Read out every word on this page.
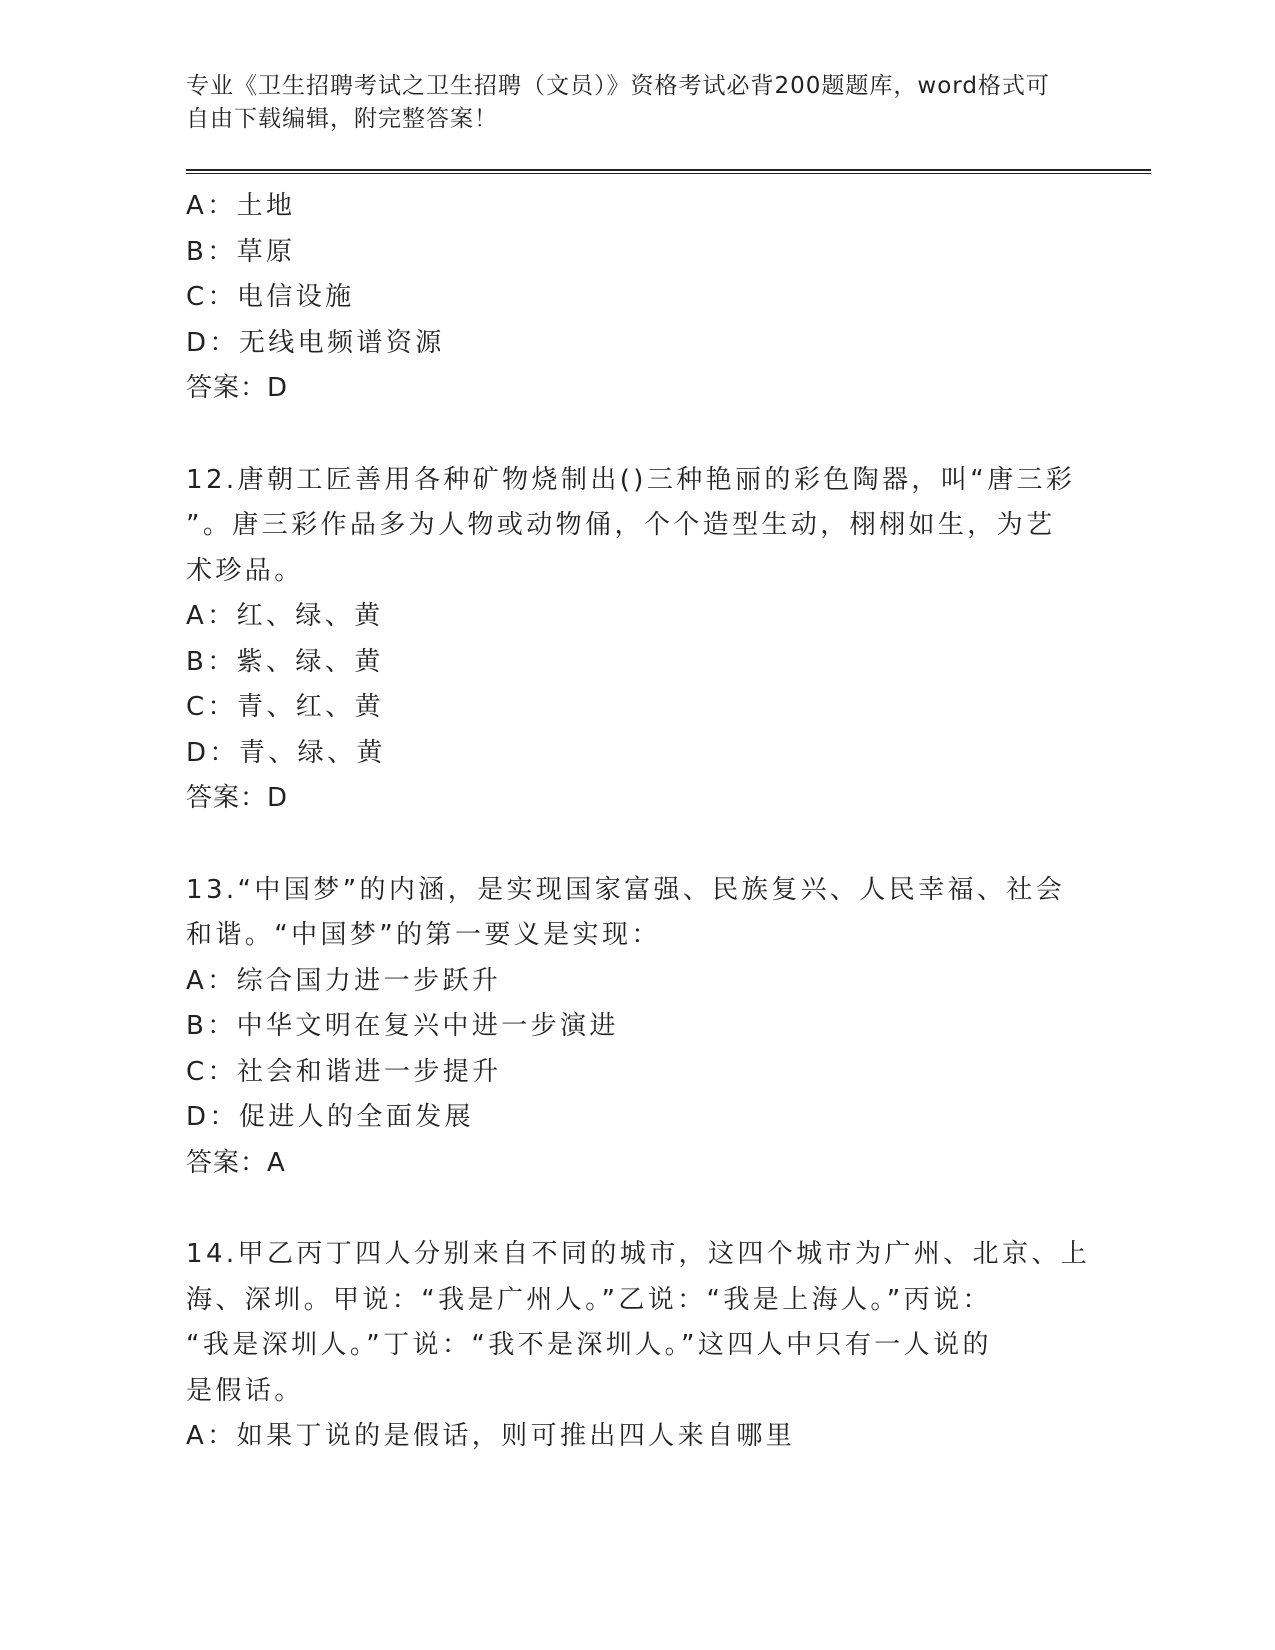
专业《卫生招聘考试之卫生招聘（文员）》资格考试必背200题题库，word格式可自由下载编辑，附完整答案！
A：土地
B：草原
C：电信设施
D：无线电频谱资源
答案：D
12.唐朝工匠善用各种矿物烧制出()三种艳丽的彩色陶器，叫“唐三彩
”。唐三彩作品多为人物或动物俑，个个造型生动，栩栩如生，为艺
术珍品。
A：红、绿、黄
B：紫、绿、黄
C：青、红、黄
D：青、绿、黄
答案：D
13.“中国梦”的内涵，是实现国家富强、民族复兴、人民幸福、社会
和谐。“中国梦”的第一要义是实现：
A：综合国力进一步跃升
B：中华文明在复兴中进一步演进
C：社会和谐进一步提升
D：促进人的全面发展
答案：A
14.甲乙丙丁四人分别来自不同的城市，这四个城市为广州、北京、上
海、深圳。甲说：“我是广州人。”乙说：“我是上海人。”丙说：
“我是深圳人。”丁说：“我不是深圳人。”这四人中只有一人说的
是假话。
A：如果丁说的是假话，则可推出四人来自哪里
